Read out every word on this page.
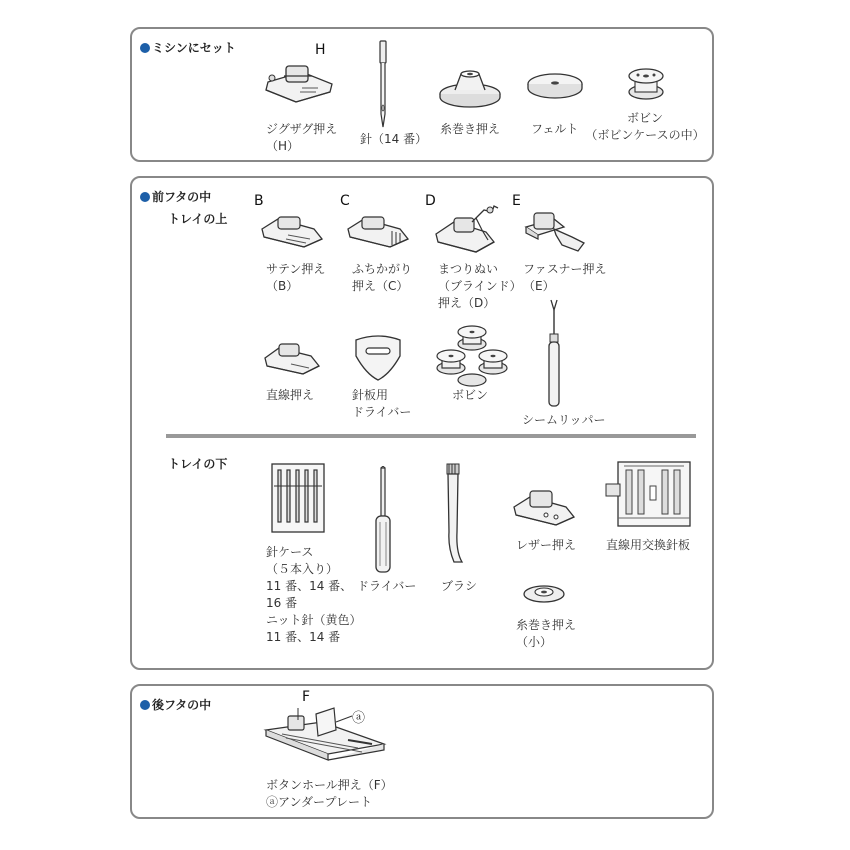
ミシンにセット	H
ジグザグ押え
（H）	針（14 番）
糸巻き押え	フェルト
ボビン
（ボビンケースの中）
前フタの中
トレイの上
B
サテン押え
（B）
C
ふちかがり
押え（C）
D
まつりぬい
（ブラインド）
押え（D）
E
ファスナー押え
（E）
直線押え	針板用
ドライバー
ボビン
シームリッパー
トレイの下
針ケース
（５本入り）
11 番、14 番、
16 番
ニット針（黄色）
11 番、14 番
ドライバー ブラシ
レザー押え 直線用交換針板
糸巻き押え
（小）
後フタの中	F
ⓐ
ボタンホール押え（F）
ⓐアンダープレート
